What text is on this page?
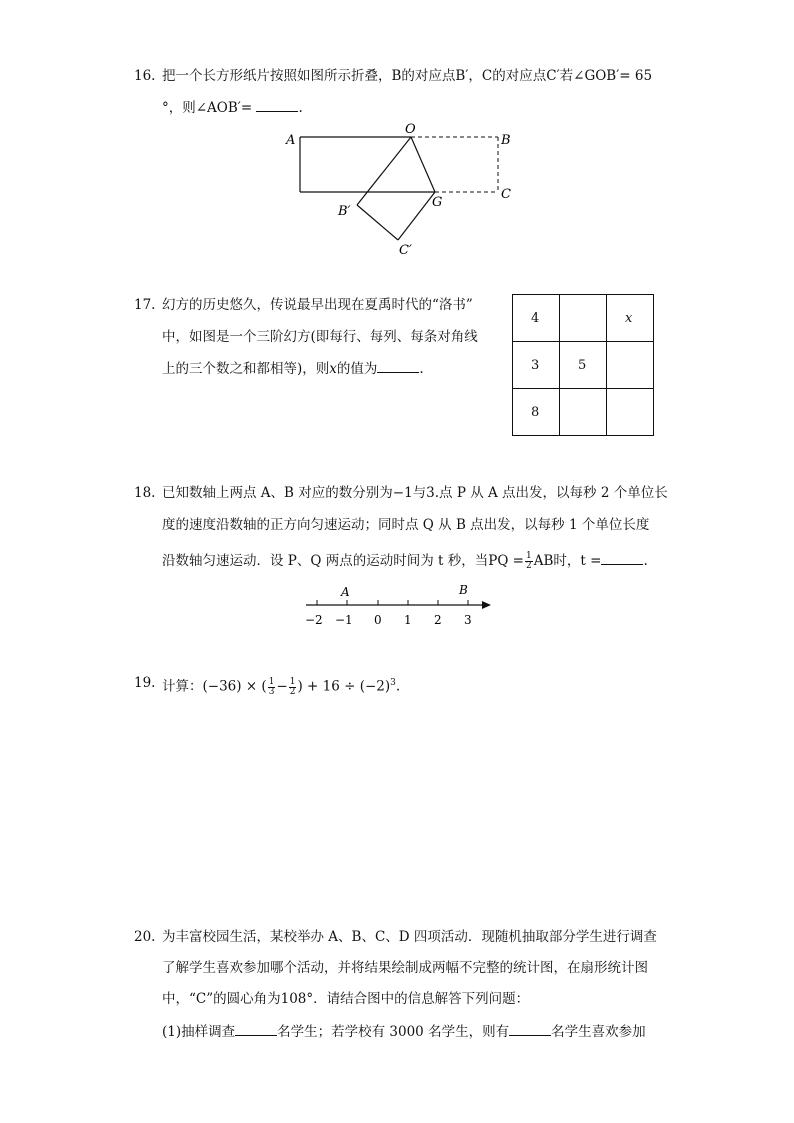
16. 把一个长方形纸片按照如图所示折叠，B的对应点B′，C的对应点C′若∠GOB′= 65
°，则∠AOB′=	.
A
O
B
C
G
B′
C′
17. 幻方的历史悠久，传说最早出现在夏禹时代的“洛书”
中，如图是一个三阶幻方(即每行、每列、每条对角线
上的三个数之和都相等)，则x的值为	.
4		x
3	5	
8		
18. 已知数轴上两点 A、B 对应的数分别为−1与3.点 P 从 A 点出发，以每秒 2 个单位长
度的速度沿数轴的正方向匀速运动；同时点 Q 从 B 点出发，以每秒 1 个单位长度
沿数轴匀速运动．设 P、Q 两点的运动时间为 t 秒，当PQ = $\frac{1}{2}$ AB时，t =	.
A	B
−2 −1 0 1 2 3
19. 计算：(−36) × ( $\frac{1}{3} - \frac{1}{2}$ ) + $16 \div (-2)^3$.
20. 为丰富校园生活，某校举办 A、B、C、D 四项活动．现随机抽取部分学生进行调查
了解学生喜欢参加哪个活动，并将结果绘制成两幅不完整的统计图，在扇形统计图
中，“C”的圆心角为108°．请结合图中的信息解答下列问题：
(1)抽样调查	名学生；若学校有 3000 名学生，则有	名学生喜欢参加
